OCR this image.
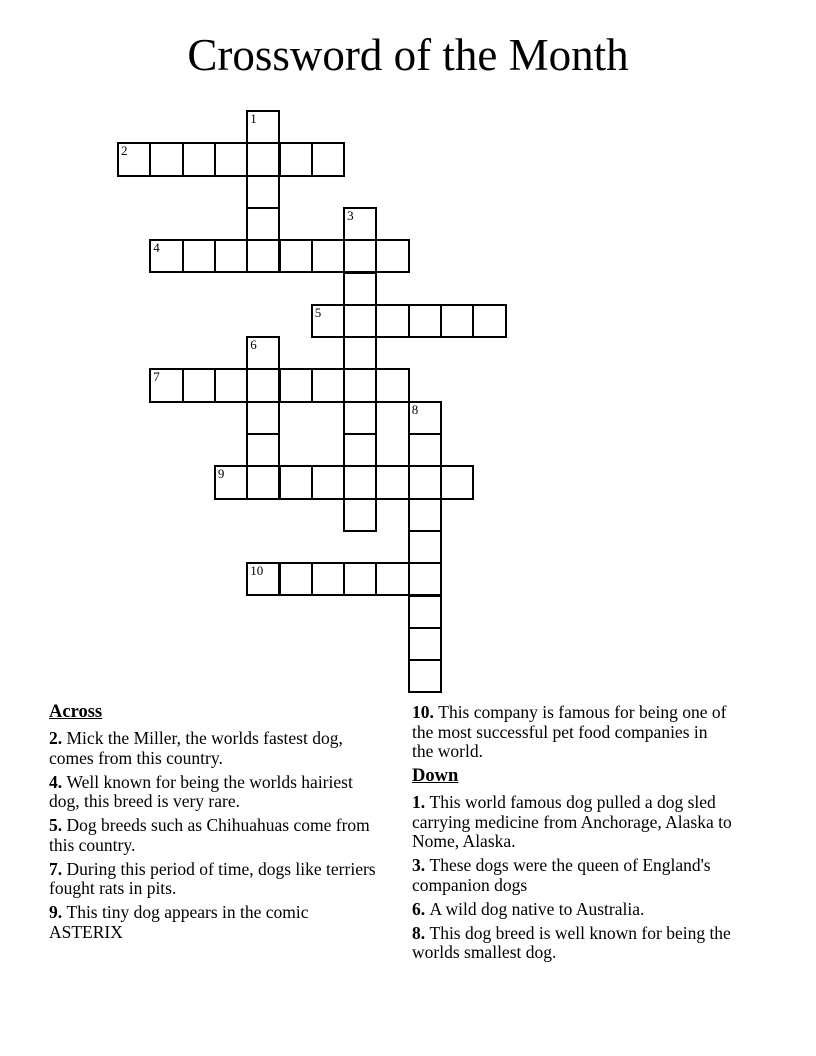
Crossword of the Month
1
2
3
4
5
6
7
8
9
10
Across

2. Mick the Miller, the worlds fastest dog, comes from this country.

4. Well known for being the worlds hairiest dog, this breed is very rare.

5. Dog breeds such as Chihuahuas come from this country.

7. During this period of time, dogs like terriers fought rats in pits.

9. This tiny dog appears in the comic ASTERIX

10. This company is famous for being one of the most successful pet food companies in the world.

Down

1. This world famous dog pulled a dog sled carrying medicine from Anchorage, Alaska to Nome, Alaska.

3. These dogs were the queen of England's companion dogs

6. A wild dog native to Australia.

8. This dog breed is well known for being the worlds smallest dog.
